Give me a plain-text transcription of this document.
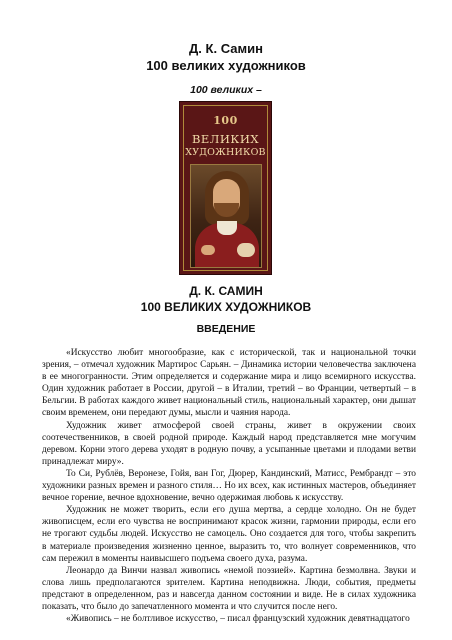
Д. К. Самин
100 великих художников
100 великих –
100
ВЕЛИКИХ
ХУДОЖНИКОВ
Д. К. САМИН
100 ВЕЛИКИХ ХУДОЖНИКОВ
ВВЕДЕНИЕ

«Искусство любит многообразие, как с исторической, так и национальной точки зрения, – отмечал художник Мартирос Сарьян. – Динамика истории человечества заключена в ее многогранности. Этим определяется и содержание мира и лицо всемирного искусства. Один художник работает в России, другой – в Италии, третий – во Франции, четвертый – в Бельгии. В работах каждого живет национальный стиль, национальный характер, они дышат своим временем, они передают думы, мысли и чаяния народа.

Художник живет атмосферой своей страны, живет в окружении своих соотечественников, в своей родной природе. Каждый народ представляется мне могучим деревом. Корни этого дерева уходят в родную почву, а усыпанные цветами и плодами ветви принадлежат миру».

То Си, Рублёв, Веронезе, Гойя, ван Гог, Дюрер, Кандинский, Матисс, Рембрандт – это художники разных времен и разного стиля… Но их всех, как истинных мастеров, объединяет вечное горение, вечное вдохновение, вечно одержимая любовь к искусству.

Художник не может творить, если его душа мертва, а сердце холодно. Он не будет живописцем, если его чувства не воспринимают красок жизни, гармонии природы, если его не трогают судьбы людей. Искусство не самоцель. Оно создается для того, чтобы закрепить в материале произведения жизненно ценное, выразить то, что волнует современников, что сам пережил в моменты наивысшего подъема своего духа, разума.

Леонардо да Винчи назвал живопись «немой поэзией». Картина безмолвна. Звуки и слова лишь предполагаются зрителем. Картина неподвижна. Люди, события, предметы предстают в определенном, раз и навсегда данном состоянии и виде. Не в силах художника показать, что было до запечатленного момента и что случится после него.

«Живопись – не болтливое искусство, – писал французский художник девятнадцатого
